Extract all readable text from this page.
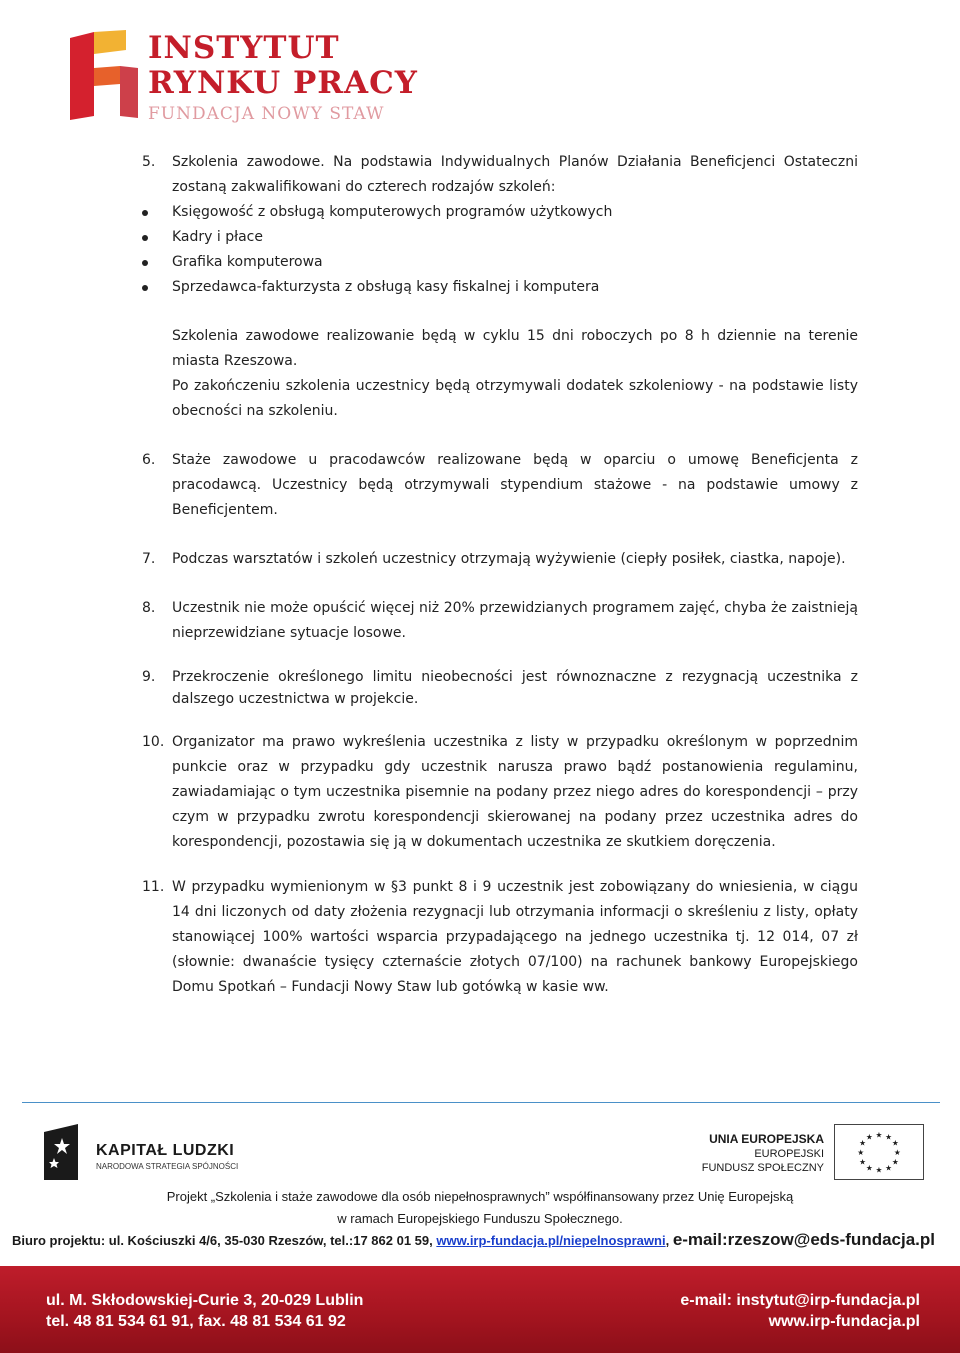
INSTYTUT
RYNKU PRACY
FUNDACJA NOWY STAW
5. Szkolenia zawodowe. Na podstawia Indywidualnych Planów Działania Beneficjenci Ostateczni zostaną zakwalifikowani do czterech rodzajów szkoleń:
Księgowość z obsługą komputerowych programów użytkowych
Kadry i płace
Grafika komputerowa
Sprzedawca-fakturzysta z obsługą kasy fiskalnej i komputera
Szkolenia zawodowe realizowanie będą w cyklu 15 dni roboczych po 8 h dziennie na terenie miasta Rzeszowa.
Po zakończeniu szkolenia uczestnicy będą otrzymywali dodatek szkoleniowy - na podstawie listy obecności na szkoleniu.
6. Staże zawodowe u pracodawców realizowane będą w oparciu o umowę Beneficjenta z pracodawcą. Uczestnicy będą otrzymywali stypendium stażowe - na podstawie umowy z Beneficjentem.
7. Podczas warsztatów i szkoleń uczestnicy otrzymają wyżywienie (ciepły posiłek, ciastka, napoje).
8. Uczestnik nie może opuścić więcej niż 20% przewidzianych programem zajęć, chyba że zaistnieją nieprzewidziane sytuacje losowe.
9. Przekroczenie określonego limitu nieobecności jest równoznaczne z rezygnacją uczestnika z dalszego uczestnictwa w projekcie.
10. Organizator ma prawo wykreślenia uczestnika z listy w przypadku określonym w poprzednim punkcie oraz w przypadku gdy uczestnik narusza prawo bądź postanowienia regulaminu, zawiadamiając o tym uczestnika pisemnie na podany przez niego adres do korespondencji – przy czym w przypadku zwrotu korespondencji skierowanej na podany przez uczestnika adres do korespondencji, pozostawia się ją w dokumentach uczestnika ze skutkiem doręczenia.
11. W przypadku wymienionym w §3 punkt 8 i 9 uczestnik jest zobowiązany do wniesienia, w ciągu 14 dni liczonych od daty złożenia rezygnacji lub otrzymania informacji o skreśleniu z listy, opłaty stanowiącej 100% wartości wsparcia przypadającego na jednego uczestnika tj. 12 014, 07 zł (słownie: dwanaście tysięcy czternaście złotych 07/100) na rachunek bankowy Europejskiego Domu Spotkań – Fundacji Nowy Staw lub gotówką w kasie ww.
KAPITAŁ LUDZKI
NARODOWA STRATEGIA SPÓJNOŚCI
UNIA EUROPEJSKA
EUROPEJSKI
FUNDUSZ SPOŁECZNY
★ ★
★
★
★
★
★
★
★
★
★
★
Projekt „Szkolenia i staże zawodowe dla osób niepełnosprawnych” współfinansowany przez Unię Europejską
w ramach Europejskiego Funduszu Społecznego.
Biuro projektu: ul. Kościuszki 4/6, 35-030 Rzeszów, tel.:17 862 01 59, www.irp-fundacja.pl/niepelnosprawni, e-mail:rzeszow@eds-fundacja.pl
ul. M. Skłodowskiej-Curie 3, 20-029 Lublin
tel. 48 81 534 61 91, fax. 48 81 534 61 92
e-mail: instytut@irp-fundacja.pl
www.irp-fundacja.pl
